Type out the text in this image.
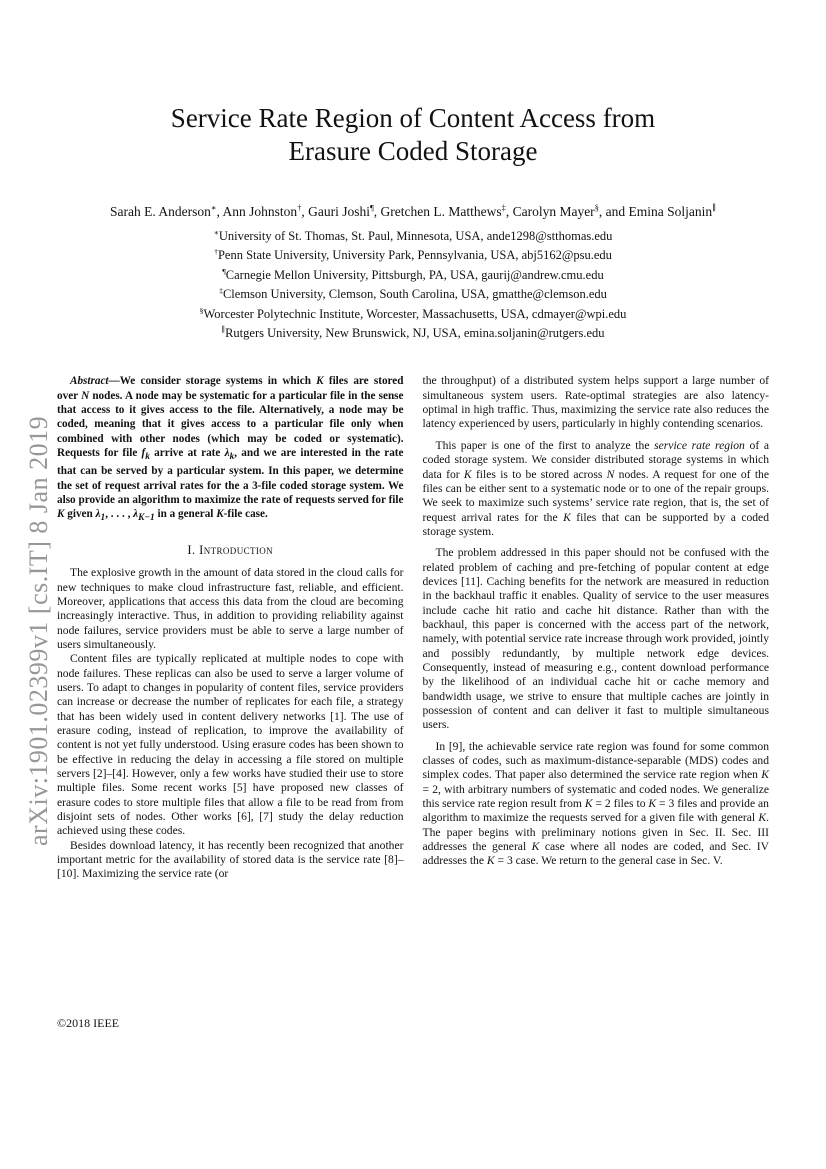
arXiv:1901.02399v1 [cs.IT] 8 Jan 2019
Service Rate Region of Content Access from
Erasure Coded Storage
Sarah E. Anderson∗, Ann Johnston†, Gauri Joshi¶, Gretchen L. Matthews‡, Carolyn Mayer§, and Emina Soljanin∥
∗University of St. Thomas, St. Paul, Minnesota, USA, ande1298@stthomas.edu
†Penn State University, University Park, Pennsylvania, USA, abj5162@psu.edu
¶Carnegie Mellon University, Pittsburgh, PA, USA, gaurij@andrew.cmu.edu
‡Clemson University, Clemson, South Carolina, USA, gmatthe@clemson.edu
§Worcester Polytechnic Institute, Worcester, Massachusetts, USA, cdmayer@wpi.edu
∥Rutgers University, New Brunswick, NJ, USA, emina.soljanin@rutgers.edu

Abstract—We consider storage systems in which K files are stored over N nodes. A node may be systematic for a particular file in the sense that access to it gives access to the file. Alternatively, a node may be coded, meaning that it gives access to a particular file only when combined with other nodes (which may be coded or systematic). Requests for file $f_k$ arrive at rate $\lambda_k$, and we are interested in the rate that can be served by a particular system. In this paper, we determine the set of request arrival rates for the a 3-file coded storage system. We also provide an algorithm to maximize the rate of requests served for file K given $\lambda_1$, . . . , $\lambda_{K-1}$ in a general K-file case.

I. Introduction

The explosive growth in the amount of data stored in the cloud calls for new techniques to make cloud infrastructure fast, reliable, and efficient. Moreover, applications that access this data from the cloud are becoming increasingly interactive. Thus, in addition to providing reliability against node failures, service providers must be able to serve a large number of users simultaneously.

Content files are typically replicated at multiple nodes to cope with node failures. These replicas can also be used to serve a larger volume of users. To adapt to changes in popularity of content files, service providers can increase or decrease the number of replicates for each file, a strategy that has been widely used in content delivery networks [1]. The use of erasure coding, instead of replication, to improve the availability of content is not yet fully understood. Using erasure codes has been shown to be effective in reducing the delay in accessing a file stored on multiple servers [2]–[4]. However, only a few works have studied their use to store multiple files. Some recent works [5] have proposed new classes of erasure codes to store multiple files that allow a file to be read from from disjoint sets of nodes. Other works [6], [7] study the delay reduction achieved using these codes.

Besides download latency, it has recently been recognized that another important metric for the availability of stored data is the service rate [8]–[10]. Maximizing the service rate (or

the throughput) of a distributed system helps support a large number of simultaneous system users. Rate-optimal strategies are also latency-optimal in high traffic. Thus, maximizing the service rate also reduces the latency experienced by users, particularly in highly contending scenarios.

This paper is one of the first to analyze the service rate region of a coded storage system. We consider distributed storage systems in which data for K files is to be stored across N nodes. A request for one of the files can be either sent to a systematic node or to one of the repair groups. We seek to maximize such systems’ service rate region, that is, the set of request arrival rates for the K files that can be supported by a coded storage system.

The problem addressed in this paper should not be confused with the related problem of caching and pre-fetching of popular content at edge devices [11]. Caching benefits for the network are measured in reduction in the backhaul traffic it enables. Quality of service to the user measures include cache hit ratio and cache hit distance. Rather than with the backhaul, this paper is concerned with the access part of the network, namely, with potential service rate increase through work provided, jointly and possibly redundantly, by multiple network edge devices. Consequently, instead of measuring e.g., content download performance by the likelihood of an individual cache hit or cache memory and bandwidth usage, we strive to ensure that multiple caches are jointly in possession of content and can deliver it fast to multiple simultaneous users.

In [9], the achievable service rate region was found for some common classes of codes, such as maximum-distance-separable (MDS) codes and simplex codes. That paper also determined the service rate region when K = 2, with arbitrary numbers of systematic and coded nodes. We generalize this service rate region result from K = 2 files to K = 3 files and provide an algorithm to maximize the requests served for a given file with general K. The paper begins with preliminary notions given in Sec. II. Sec. III addresses the general K case where all nodes are coded, and Sec. IV addresses the K = 3 case. We return to the general case in Sec. V.

©2018 IEEE
